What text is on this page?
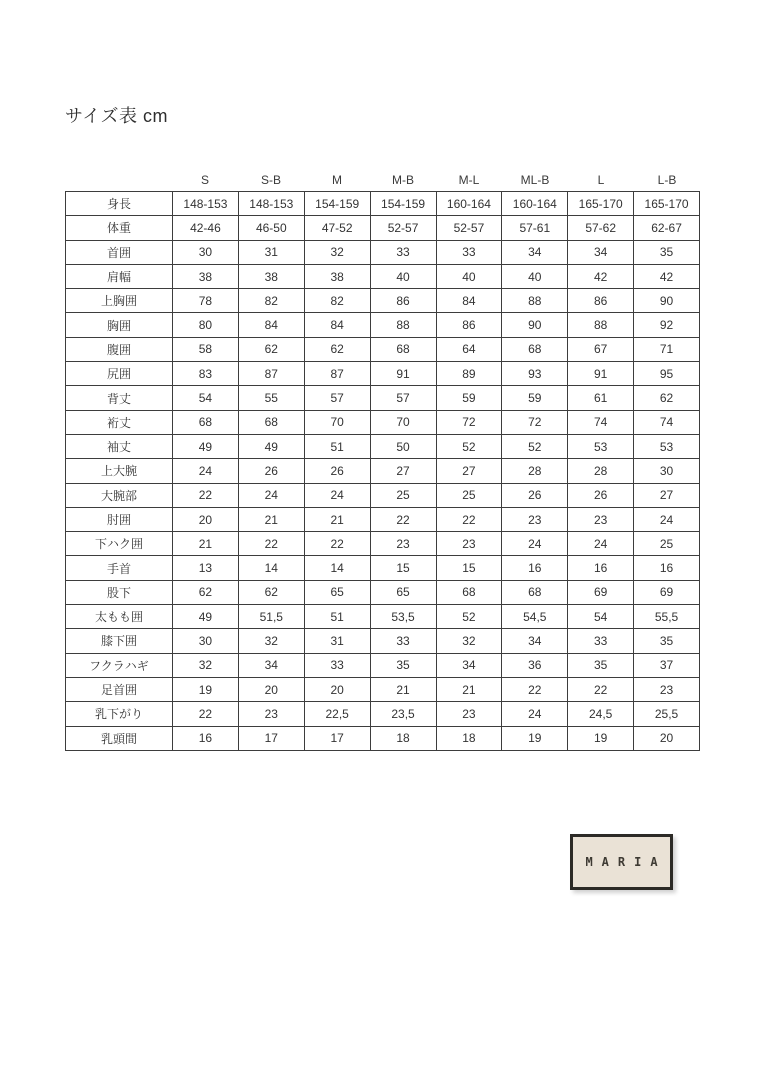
サイズ表 cm
S	S-B	M	M-B	M-L	ML-B	L	L-B
身長	148-153	148-153	154-159	154-159	160-164	160-164	165-170	165-170
体重	42-46	46-50	47-52	52-57	52-57	57-61	57-62	62-67
首囲	30	31	32	33	33	34	34	35
肩幅	38	38	38	40	40	40	42	42
上胸囲	78	82	82	86	84	88	86	90
胸囲	80	84	84	88	86	90	88	92
腹囲	58	62	62	68	64	68	67	71
尻囲	83	87	87	91	89	93	91	95
背丈	54	55	57	57	59	59	61	62
裄丈	68	68	70	70	72	72	74	74
袖丈	49	49	51	50	52	52	53	53
上大腕	24	26	26	27	27	28	28	30
大腕部	22	24	24	25	25	26	26	27
肘囲	20	21	21	22	22	23	23	24
下ハク囲	21	22	22	23	23	24	24	25
手首	13	14	14	15	15	16	16	16
股下	62	62	65	65	68	68	69	69
太もも囲	49	51,5	51	53,5	52	54,5	54	55,5
膝下囲	30	32	31	33	32	34	33	35
フクラハギ	32	34	33	35	34	36	35	37
足首囲	19	20	20	21	21	22	22	23
乳下がり	22	23	22,5	23,5	23	24	24,5	25,5
乳頭間	16	17	17	18	18	19	19	20
MARIA
